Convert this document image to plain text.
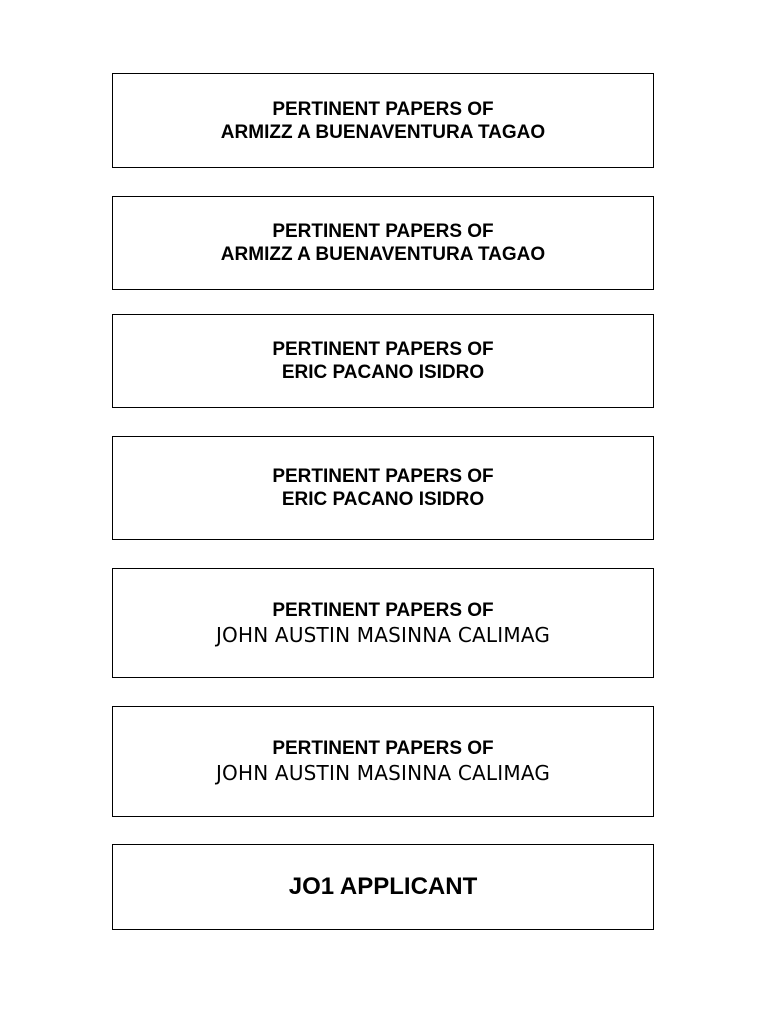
PERTINENT PAPERS OF
ARMIZZ A BUENAVENTURA TAGAO
PERTINENT PAPERS OF
ARMIZZ A BUENAVENTURA TAGAO
PERTINENT PAPERS OF
ERIC PACANO ISIDRO
PERTINENT PAPERS OF
ERIC PACANO ISIDRO
PERTINENT PAPERS OF
JOHN AUSTIN MASINNA CALIMAG
PERTINENT PAPERS OF
JOHN AUSTIN MASINNA CALIMAG
JO1 APPLICANT
